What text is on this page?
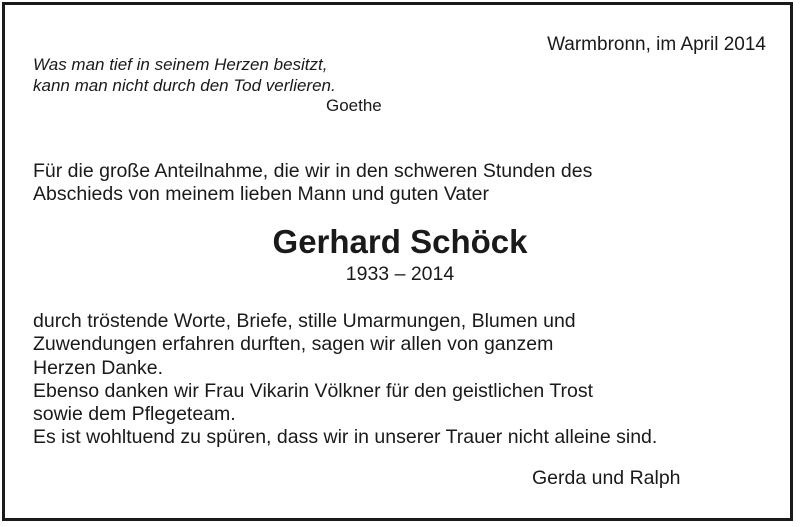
Warmbronn, im April 2014
Was man tief in seinem Herzen besitzt,
kann man nicht durch den Tod verlieren.
Goethe
Für die große Anteilnahme, die wir in den schweren Stunden des
Abschieds von meinem lieben Mann und guten Vater
Gerhard Schöck
1933 – 2014
durch tröstende Worte, Briefe, stille Umarmungen, Blumen und
Zuwendungen erfahren durften, sagen wir allen von ganzem
Herzen Danke.
Ebenso danken wir Frau Vikarin Völkner für den geistlichen Trost
sowie dem Pflegeteam.
Es ist wohltuend zu spüren, dass wir in unserer Trauer nicht alleine sind.
Gerda und Ralph
